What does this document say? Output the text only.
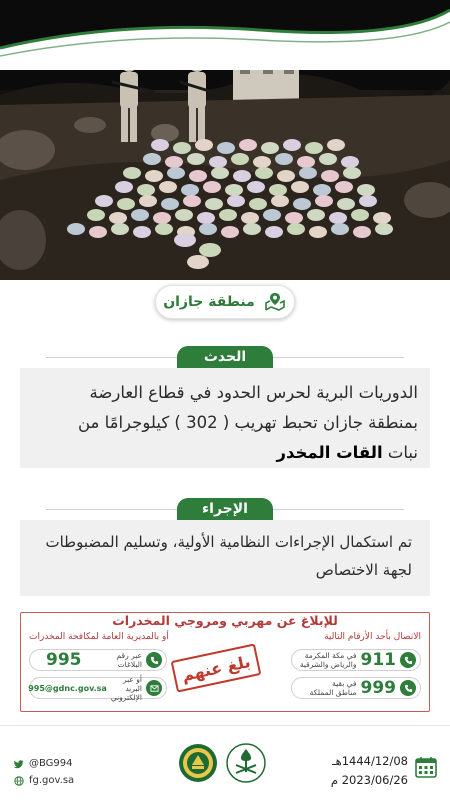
منطقة جازان
الحدث
الدوريات البرية لحرس الحدود في قطاع العارضة
بمنطقة جازان تحبط تهريب ( 302 ) كيلوجرامًا من
نبات القات المخدر
الإجراء
تم استكمال الإجراءات النظامية الأولية، وتسليم المضبوطات
لجهة الاختصاص
للإبلاغ عن مهربي ومروجي المخدرات
الاتصال بأحد الأرقام التالية
أو بالمديرية العامة لمكافحة المخدرات
911
في مكة المكرمة
والرياض والشرقية
999
في بقية
مناطق المملكة
عبر رقم
البلاغات
995
أو عبر البريد
الإلكتروني
995@gdnc.gov.sa
بلغ عنهم
@BG994
fg.gov.sa
1444/12/08هـ
2023/06/26 م
